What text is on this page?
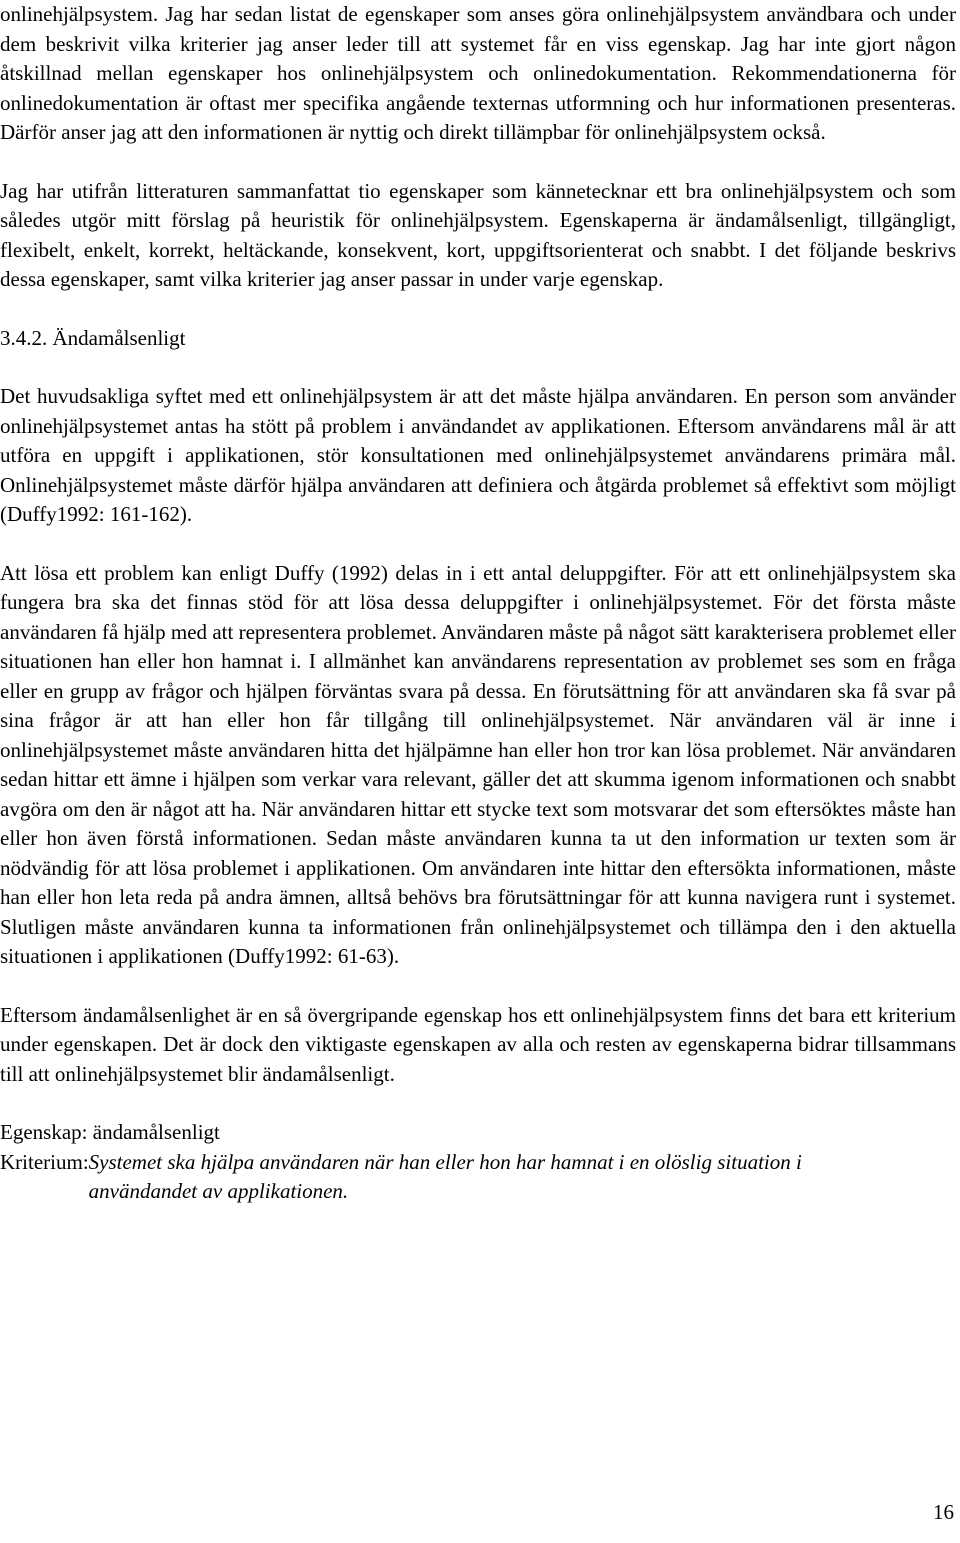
onlinehjälpsystem. Jag har sedan listat de egenskaper som anses göra onlinehjälpsystem användbara och under dem beskrivit vilka kriterier jag anser leder till att systemet får en viss egenskap. Jag har inte gjort någon åtskillnad mellan egenskaper hos onlinehjälpsystem och onlinedokumentation. Rekommendationerna för onlinedokumentation är oftast mer specifika angående texternas utformning och hur informationen presenteras. Därför anser jag att den informationen är nyttig och direkt tillämpbar för onlinehjälpsystem också.

Jag har utifrån litteraturen sammanfattat tio egenskaper som kännetecknar ett bra onlinehjälpsystem och som således utgör mitt förslag på heuristik för onlinehjälpsystem. Egenskaperna är ändamålsenligt, tillgängligt, flexibelt, enkelt, korrekt, heltäckande, konsekvent, kort, uppgiftsorienterat och snabbt. I det följande beskrivs dessa egenskaper, samt vilka kriterier jag anser passar in under varje egenskap.

3.4.2. Ändamålsenligt

Det huvudsakliga syftet med ett onlinehjälpsystem är att det måste hjälpa användaren. En person som använder onlinehjälpsystemet antas ha stött på problem i användandet av applikationen. Eftersom användarens mål är att utföra en uppgift i applikationen, stör konsultationen med onlinehjälpsystemet användarens primära mål. Onlinehjälpsystemet måste därför hjälpa användaren att definiera och åtgärda problemet så effektivt som möjligt (Duffy1992: 161-162).

Att lösa ett problem kan enligt Duffy (1992) delas in i ett antal deluppgifter. För att ett onlinehjälpsystem ska fungera bra ska det finnas stöd för att lösa dessa deluppgifter i onlinehjälpsystemet. För det första måste användaren få hjälp med att representera problemet. Användaren måste på något sätt karakterisera problemet eller situationen han eller hon hamnat i. I allmänhet kan användarens representation av problemet ses som en fråga eller en grupp av frågor och hjälpen förväntas svara på dessa. En förutsättning för att användaren ska få svar på sina frågor är att han eller hon får tillgång till onlinehjälpsystemet. När användaren väl är inne i onlinehjälpsystemet måste användaren hitta det hjälpämne han eller hon tror kan lösa problemet. När användaren sedan hittar ett ämne i hjälpen som verkar vara relevant, gäller det att skumma igenom informationen och snabbt avgöra om den är något att ha. När användaren hittar ett stycke text som motsvarar det som eftersöktes måste han eller hon även förstå informationen. Sedan måste användaren kunna ta ut den information ur texten som är nödvändig för att lösa problemet i applikationen. Om användaren inte hittar den eftersökta informationen, måste han eller hon leta reda på andra ämnen, alltså behövs bra förutsättningar för att kunna navigera runt i systemet. Slutligen måste användaren kunna ta informationen från onlinehjälpsystemet och tillämpa den i den aktuella situationen i applikationen (Duffy1992: 61-63).

Eftersom ändamålsenlighet är en så övergripande egenskap hos ett onlinehjälpsystem finns det bara ett kriterium under egenskapen. Det är dock den viktigaste egenskapen av alla och resten av egenskaperna bidrar tillsammans till att onlinehjälpsystemet blir ändamålsenligt.

Egenskap: ändamålsenligt
Kriterium: Systemet ska hjälpa användaren när han eller hon har hamnat i en olöslig situation i användandet av applikationen.
16
